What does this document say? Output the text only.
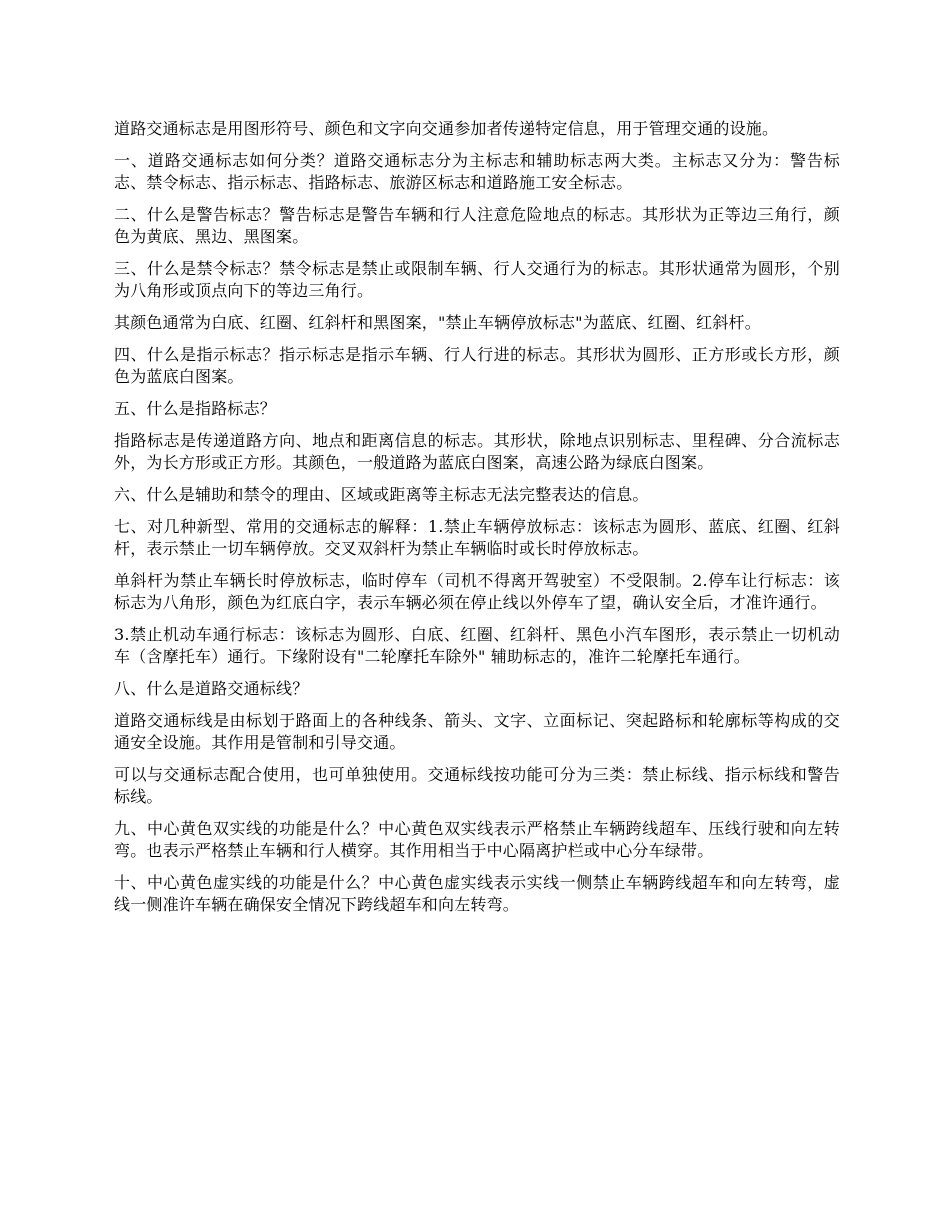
道路交通标志是用图形符号、颜色和文字向交通参加者传递特定信息，用于管理交通的设施。

一、道路交通标志如何分类？道路交通标志分为主标志和辅助标志两大类。主标志又分为：警告标志、禁令标志、指示标志、指路标志、旅游区标志和道路施工安全标志。

二、什么是警告标志？警告标志是警告车辆和行人注意危险地点的标志。其形状为正等边三角行，颜色为黄底、黑边、黑图案。

三、什么是禁令标志？禁令标志是禁止或限制车辆、行人交通行为的标志。其形状通常为圆形，个别为八角形或顶点向下的等边三角行。

其颜色通常为白底、红圈、红斜杆和黑图案，"禁止车辆停放标志"为蓝底、红圈、红斜杆。

四、什么是指示标志？指示标志是指示车辆、行人行进的标志。其形状为圆形、正方形或长方形，颜色为蓝底白图案。

五、什么是指路标志？

指路标志是传递道路方向、地点和距离信息的标志。其形状，除地点识别标志、里程碑、分合流标志外，为长方形或正方形。其颜色，一般道路为蓝底白图案，高速公路为绿底白图案。

六、什么是辅助和禁令的理由、区域或距离等主标志无法完整表达的信息。

七、对几种新型、常用的交通标志的解释：1.禁止车辆停放标志：该标志为圆形、蓝底、红圈、红斜杆，表示禁止一切车辆停放。交叉双斜杆为禁止车辆临时或长时停放标志。

单斜杆为禁止车辆长时停放标志，临时停车（司机不得离开驾驶室）不受限制。2.停车让行标志：该标志为八角形，颜色为红底白字，表示车辆必须在停止线以外停车了望，确认安全后，才准许通行。

3.禁止机动车通行标志：该标志为圆形、白底、红圈、红斜杆、黑色小汽车图形，表示禁止一切机动车（含摩托车）通行。下缘附设有"二轮摩托车除外" 辅助标志的，准许二轮摩托车通行。

八、什么是道路交通标线？

道路交通标线是由标划于路面上的各种线条、箭头、文字、立面标记、突起路标和轮廓标等构成的交通安全设施。其作用是管制和引导交通。

可以与交通标志配合使用，也可单独使用。交通标线按功能可分为三类：禁止标线、指示标线和警告标线。

九、中心黄色双实线的功能是什么？中心黄色双实线表示严格禁止车辆跨线超车、压线行驶和向左转弯。也表示严格禁止车辆和行人横穿。其作用相当于中心隔离护栏或中心分车绿带。

十、中心黄色虚实线的功能是什么？中心黄色虚实线表示实线一侧禁止车辆跨线超车和向左转弯，虚线一侧准许车辆在确保安全情况下跨线超车和向左转弯。
